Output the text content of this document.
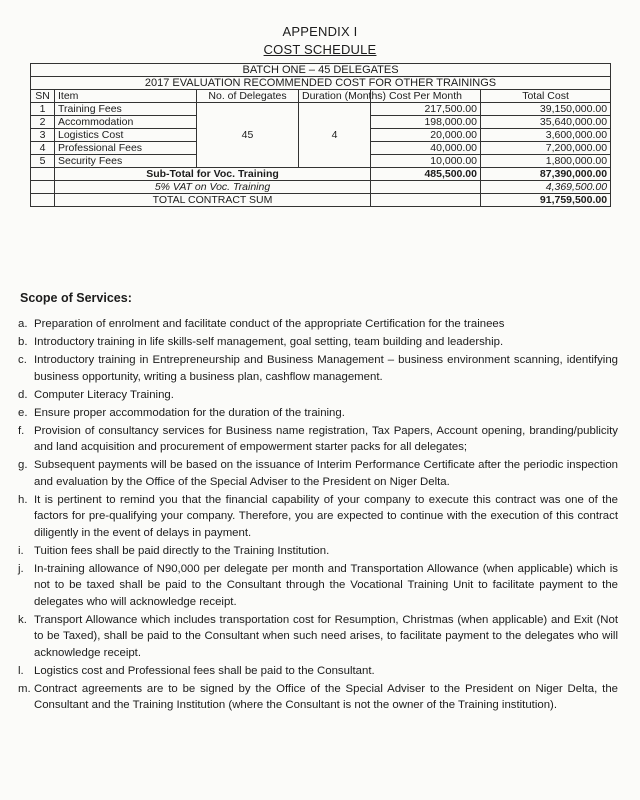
APPENDIX I
COST SCHEDULE
BATCH ONE – 45 DELEGATES					
2017 EVALUATION RECOMMENDED COST FOR OTHER TRAININGS					
SN	Item	No. of Delegates	Duration (Months)	Cost Per Month	Total Cost
1	Training Fees	45	4	217,500.00	39,150,000.00
2	Accommodation			198,000.00	35,640,000.00
3	Logistics Cost			20,000.00	3,600,000.00
4	Professional Fees			40,000.00	7,200,000.00
5	Security Fees			10,000.00	1,800,000.00
	Sub-Total for Voc. Training			485,500.00	87,390,000.00
	5% VAT on Voc. Training				4,369,500.00
	TOTAL CONTRACT SUM				91,759,500.00
Scope of Services:
a. Preparation of enrolment and facilitate conduct of the appropriate Certification for the trainees
b. Introductory training in life skills-self management, goal setting, team building and leadership.
c. Introductory training in Entrepreneurship and Business Management – business environment scanning, identifying business opportunity, writing a business plan, cashflow management.
d. Computer Literacy Training.
e. Ensure proper accommodation for the duration of the training.
f. Provision of consultancy services for Business name registration, Tax Papers, Account opening, branding/publicity and land acquisition and procurement of empowerment starter packs for all delegates;
g. Subsequent payments will be based on the issuance of Interim Performance Certificate after the periodic inspection and evaluation by the Office of the Special Adviser to the President on Niger Delta.
h. It is pertinent to remind you that the financial capability of your company to execute this contract was one of the factors for pre-qualifying your company. Therefore, you are expected to continue with the execution of this contract diligently in the event of delays in payment.
i. Tuition fees shall be paid directly to the Training Institution.
j. In-training allowance of N90,000 per delegate per month and Transportation Allowance (when applicable) which is not to be taxed shall be paid to the Consultant through the Vocational Training Unit to facilitate payment to the delegates who will acknowledge receipt.
k. Transport Allowance which includes transportation cost for Resumption, Christmas (when applicable) and Exit (Not to be Taxed), shall be paid to the Consultant when such need arises, to facilitate payment to the delegates who will acknowledge receipt.
l. Logistics cost and Professional fees shall be paid to the Consultant.
m. Contract agreements are to be signed by the Office of the Special Adviser to the President on Niger Delta, the Consultant and the Training Institution (where the Consultant is not the owner of the Training institution).
